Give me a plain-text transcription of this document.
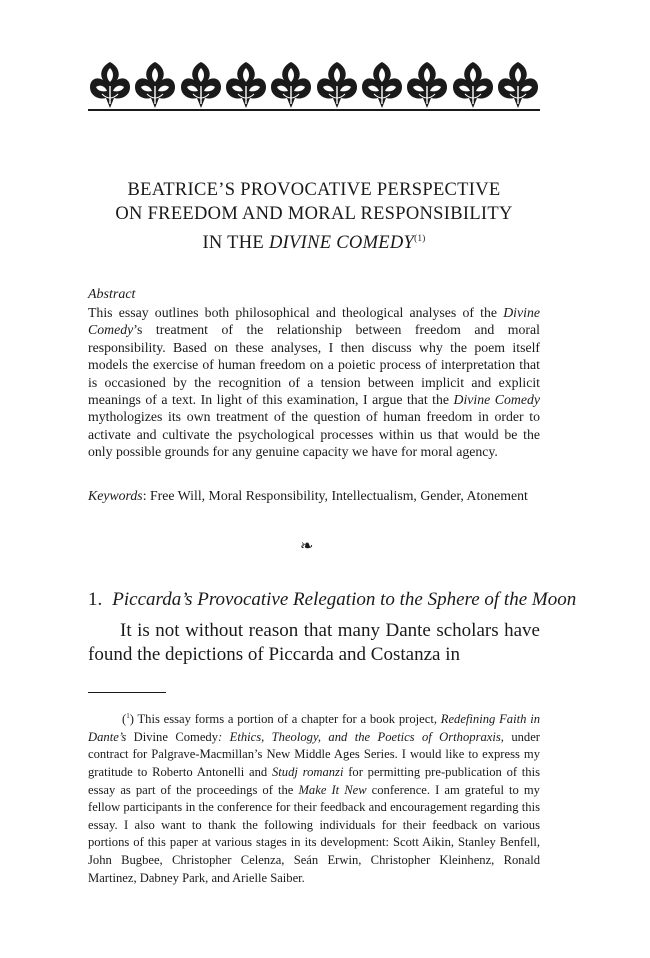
BEATRICE’S PROVOCATIVE PERSPECTIVE
ON FREEDOM AND MORAL RESPONSIBILITY
IN THE DIVINE COMEDY$^{(1)}$
Abstract
This essay outlines both philosophical and theological analyses of the Divine Comedy’s treatment of the relationship between freedom and moral responsibility. Based on these analyses, I then discuss why the poem itself models the exercise of human freedom on a poietic process of interpretation that is occasioned by the recognition of a tension between implicit and explicit meanings of a text. In light of this examination, I argue that the Divine Comedy mythologizes its own treatment of the question of human freedom in order to activate and cultivate the psychological processes within us that would be the only possible grounds for any genuine capacity we have for moral agency.
Keywords: Free Will, Moral Responsibility, Intellectualism, Gender, Atonement
❧
1. Piccarda’s Provocative Relegation to the Sphere of the Moon
It is not without reason that many Dante scholars have found the depictions of Piccarda and Costanza in
($^1$) This essay forms a portion of a chapter for a book project, Redefining Faith in Dante’s Divine Comedy: Ethics, Theology, and the Poetics of Orthopraxis, under contract for Palgrave-Macmillan’s New Middle Ages Series. I would like to express my gratitude to Roberto Antonelli and Studj romanzi for permitting pre-publication of this essay as part of the proceedings of the Make It New conference. I am grateful to my fellow participants in the conference for their feedback and encouragement regarding this essay. I also want to thank the following individuals for their feedback on various portions of this paper at various stages in its development: Scott Aikin, Stanley Benfell, John Bugbee, Christopher Celenza, Seán Erwin, Christopher Kleinhenz, Ronald Martinez, Dabney Park, and Arielle Saiber.
